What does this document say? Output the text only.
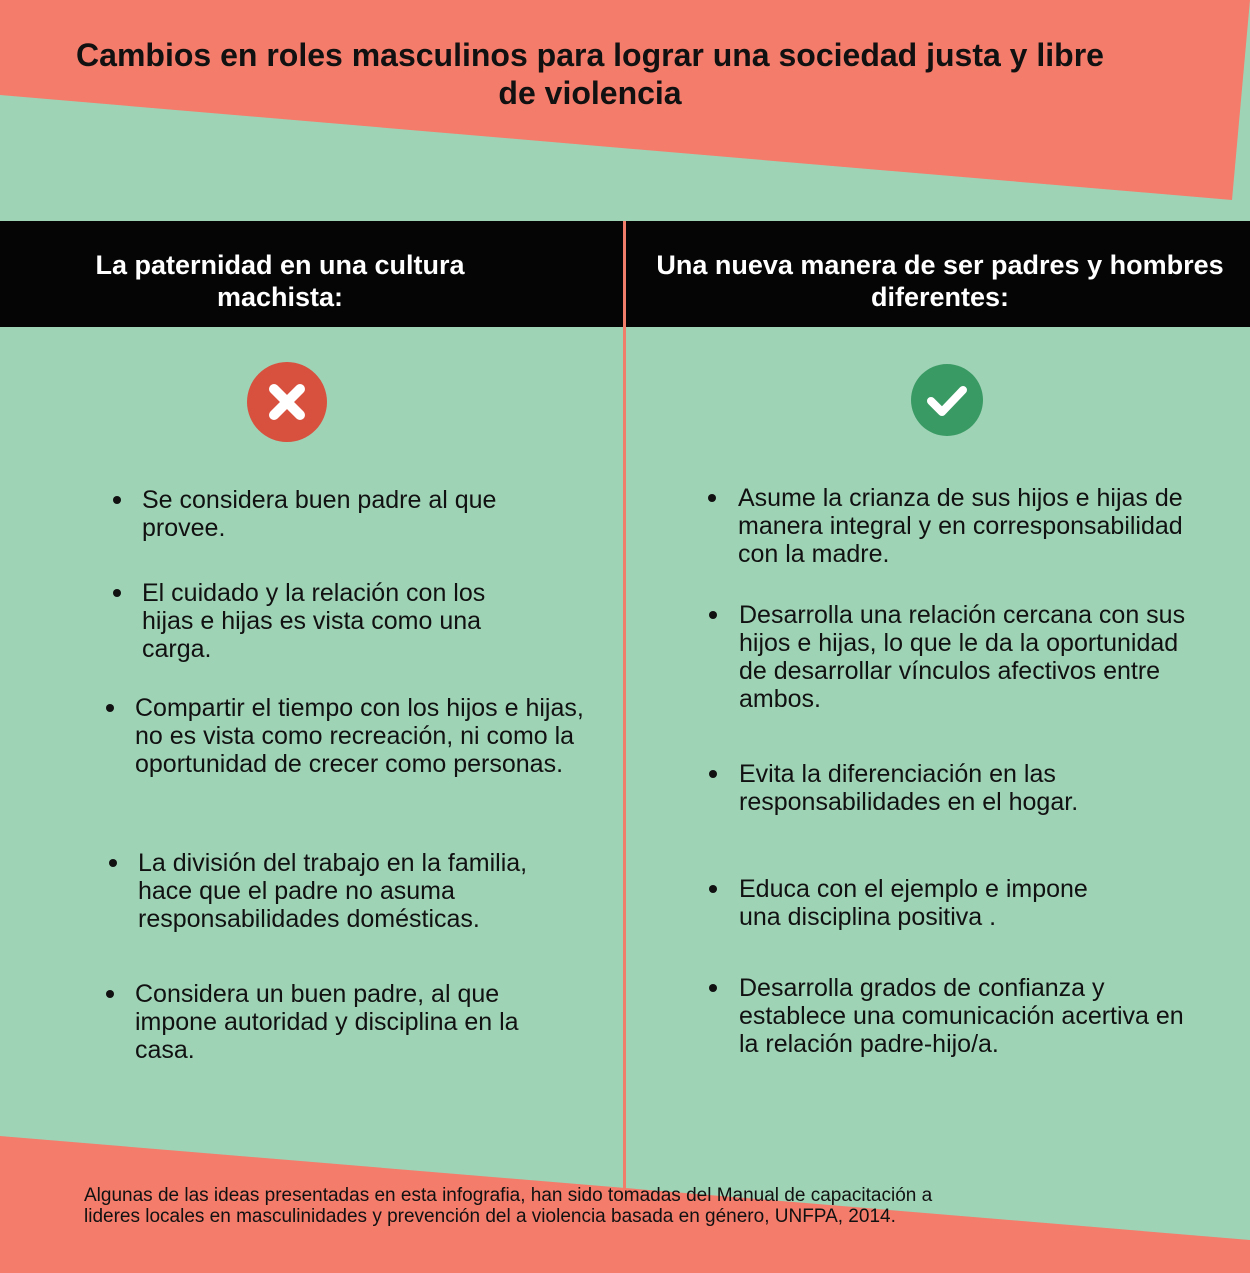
Cambios en roles masculinos para lograr una sociedad justa y libre de violencia
La paternidad en una cultura machista:
Una nueva manera de ser padres y hombres diferentes:
Se considera buen padre al que provee.
El cuidado y la relación con los hijas e hijas es vista como una carga.
Compartir el tiempo con los hijos e hijas, no es vista como recreación, ni como la oportunidad de crecer como personas.
La división del trabajo en la familia, hace que el padre no asuma responsabilidades domésticas.
Considera un buen padre, al que impone autoridad y disciplina en la casa.
Asume la crianza de sus hijos e hijas de manera integral y en corresponsabilidad con la madre.
Desarrolla una relación cercana con sus hijos e hijas, lo que le da la oportunidad de desarrollar vínculos afectivos entre ambos.
Evita la diferenciación en las responsabilidades en el hogar.
Educa con el ejemplo e impone una disciplina positiva .
Desarrolla grados de confianza y establece una comunicación acertiva en la relación padre-hijo/a.
Algunas de las ideas presentadas en esta infografia, han sido tomadas del Manual de capacitación a lideres locales en masculinidades y prevención del a violencia basada en género, UNFPA, 2014.
